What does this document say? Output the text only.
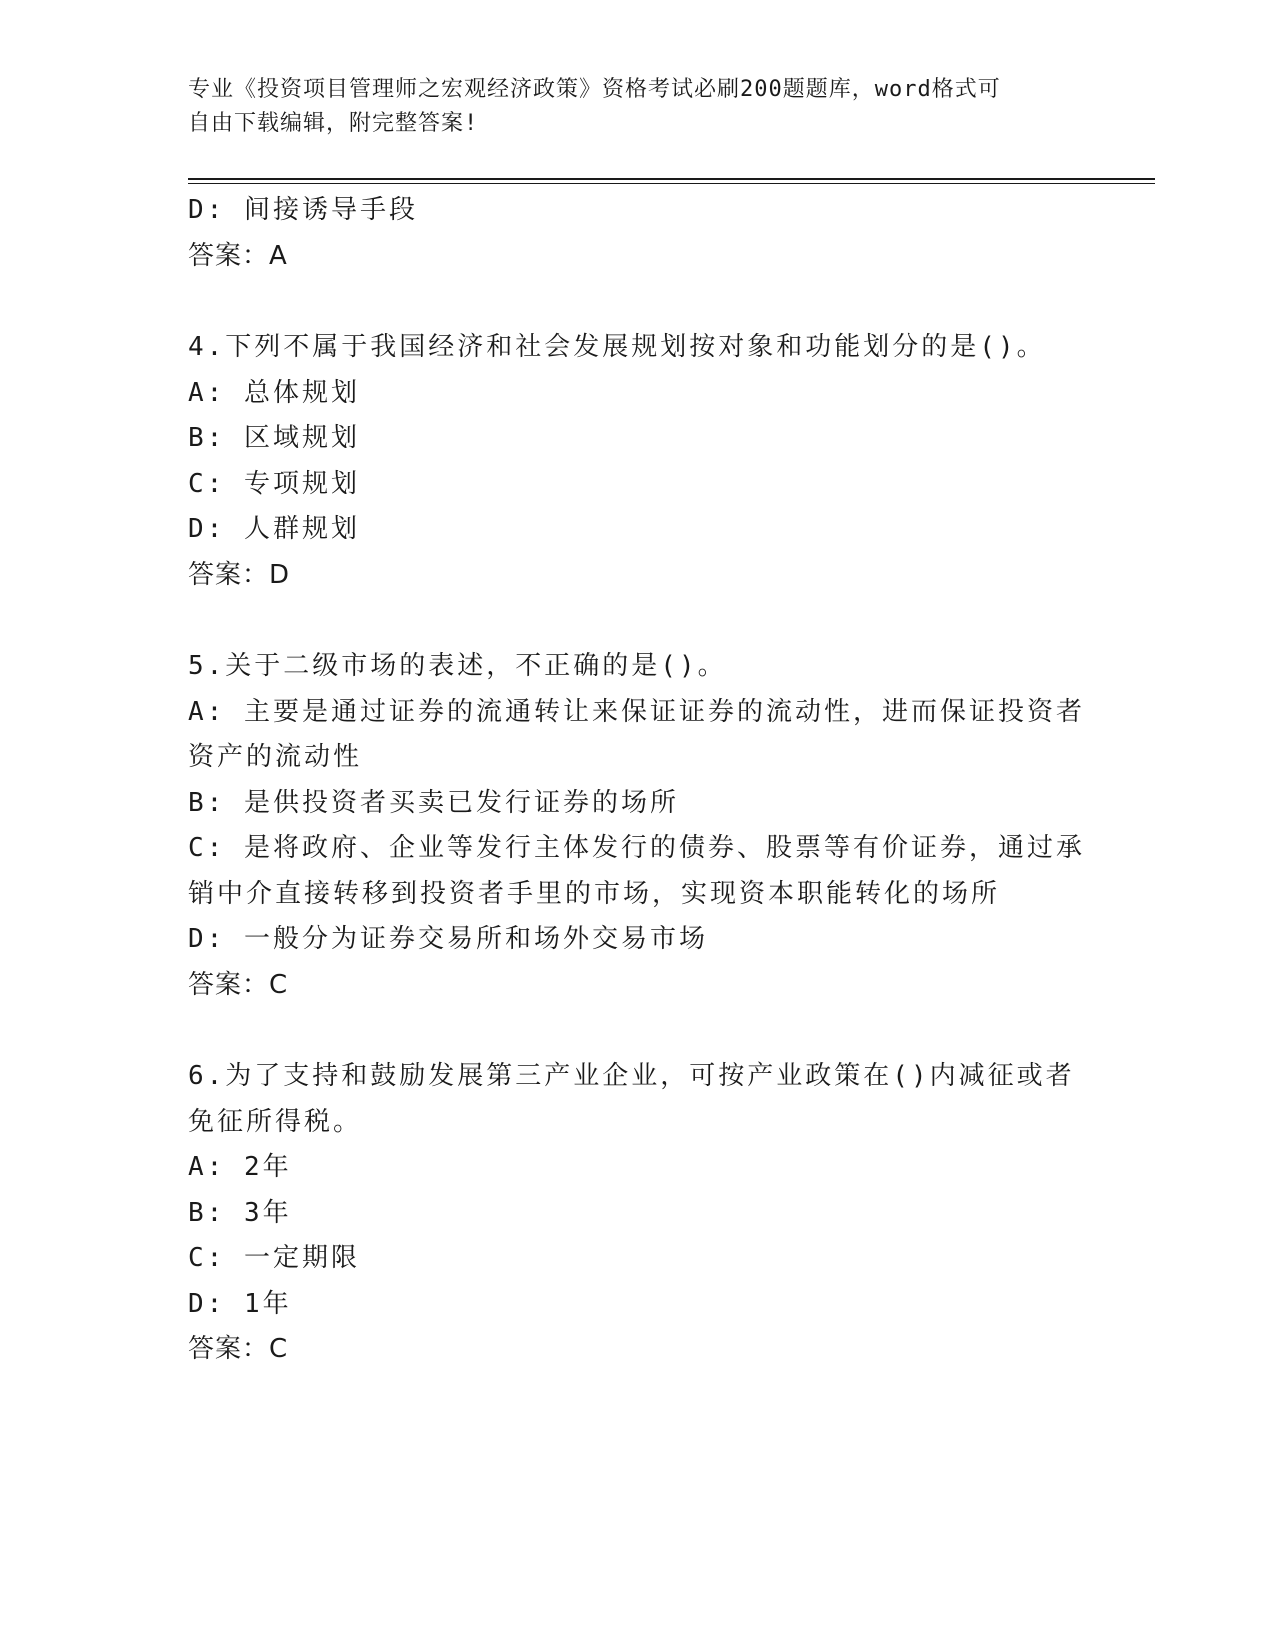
专业《投资项目管理师之宏观经济政策》资格考试必刷200题题库，word格式可
自由下载编辑，附完整答案!
D: 间接诱导手段
答案：A
4.下列不属于我国经济和社会发展规划按对象和功能划分的是()。
A: 总体规划
B: 区域规划
C: 专项规划
D: 人群规划
答案：D
5.关于二级市场的表述，不正确的是()。
A: 主要是通过证券的流通转让来保证证券的流动性，进而保证投资者
资产的流动性
B: 是供投资者买卖已发行证券的场所
C: 是将政府、企业等发行主体发行的债券、股票等有价证券，通过承
销中介直接转移到投资者手里的市场，实现资本职能转化的场所
D: 一般分为证券交易所和场外交易市场
答案：C
6.为了支持和鼓励发展第三产业企业，可按产业政策在()内减征或者
免征所得税。
A: 2年
B: 3年
C: 一定期限
D: 1年
答案：C
